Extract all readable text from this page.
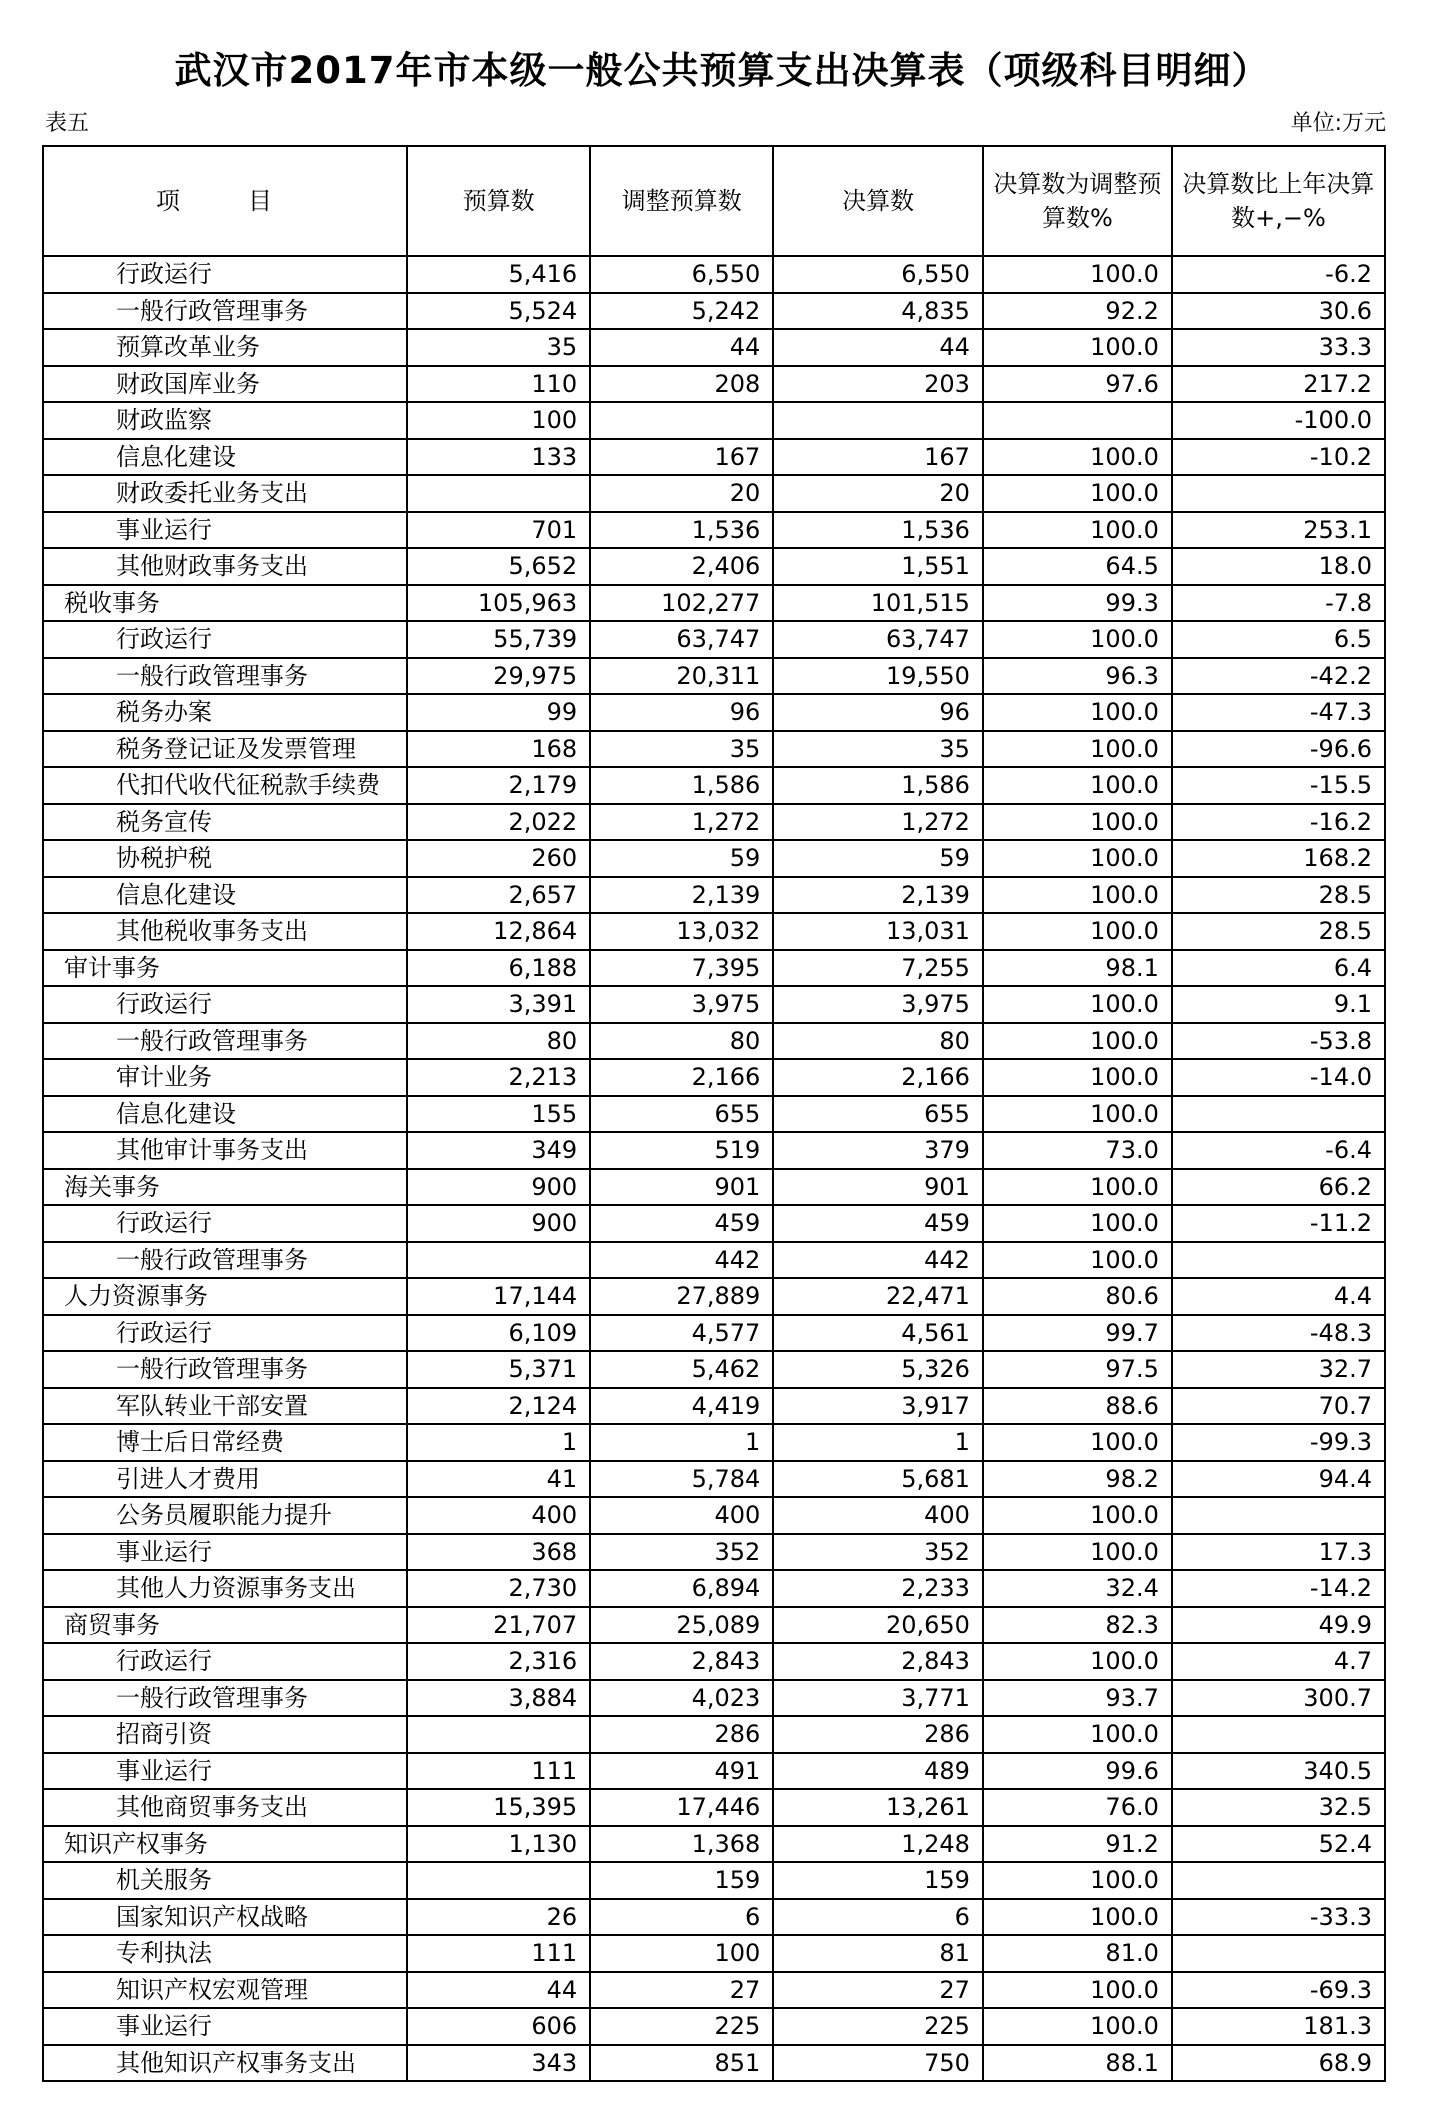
武汉市2017年市本级一般公共预算支出决算表（项级科目明细）
表五	单位:万元
项　目	预算数	调整预算数	决算数	决算数为调整预算数%	决算数比上年决算数+,−%
行政运行	5,416	6,550	6,550	100.0	-6.2
一般行政管理事务	5,524	5,242	4,835	92.2	30.6
预算改革业务	35	44	44	100.0	33.3
财政国库业务	110	208	203	97.6	217.2
财政监察	100				-100.0
信息化建设	133	167	167	100.0	-10.2
财政委托业务支出		20	20	100.0	
事业运行	701	1,536	1,536	100.0	253.1
其他财政事务支出	5,652	2,406	1,551	64.5	18.0
税收事务	105,963	102,277	101,515	99.3	-7.8
行政运行	55,739	63,747	63,747	100.0	6.5
一般行政管理事务	29,975	20,311	19,550	96.3	-42.2
税务办案	99	96	96	100.0	-47.3
税务登记证及发票管理	168	35	35	100.0	-96.6
代扣代收代征税款手续费	2,179	1,586	1,586	100.0	-15.5
税务宣传	2,022	1,272	1,272	100.0	-16.2
协税护税	260	59	59	100.0	168.2
信息化建设	2,657	2,139	2,139	100.0	28.5
其他税收事务支出	12,864	13,032	13,031	100.0	28.5
审计事务	6,188	7,395	7,255	98.1	6.4
行政运行	3,391	3,975	3,975	100.0	9.1
一般行政管理事务	80	80	80	100.0	-53.8
审计业务	2,213	2,166	2,166	100.0	-14.0
信息化建设	155	655	655	100.0	
其他审计事务支出	349	519	379	73.0	-6.4
海关事务	900	901	901	100.0	66.2
行政运行	900	459	459	100.0	-11.2
一般行政管理事务		442	442	100.0	
人力资源事务	17,144	27,889	22,471	80.6	4.4
行政运行	6,109	4,577	4,561	99.7	-48.3
一般行政管理事务	5,371	5,462	5,326	97.5	32.7
军队转业干部安置	2,124	4,419	3,917	88.6	70.7
博士后日常经费	1	1	1	100.0	-99.3
引进人才费用	41	5,784	5,681	98.2	94.4
公务员履职能力提升	400	400	400	100.0	
事业运行	368	352	352	100.0	17.3
其他人力资源事务支出	2,730	6,894	2,233	32.4	-14.2
商贸事务	21,707	25,089	20,650	82.3	49.9
行政运行	2,316	2,843	2,843	100.0	4.7
一般行政管理事务	3,884	4,023	3,771	93.7	300.7
招商引资		286	286	100.0	
事业运行	111	491	489	99.6	340.5
其他商贸事务支出	15,395	17,446	13,261	76.0	32.5
知识产权事务	1,130	1,368	1,248	91.2	52.4
机关服务		159	159	100.0	
国家知识产权战略	26	6	6	100.0	-33.3
专利执法	111	100	81	81.0	
知识产权宏观管理	44	27	27	100.0	-69.3
事业运行	606	225	225	100.0	181.3
其他知识产权事务支出	343	851	750	88.1	68.9
